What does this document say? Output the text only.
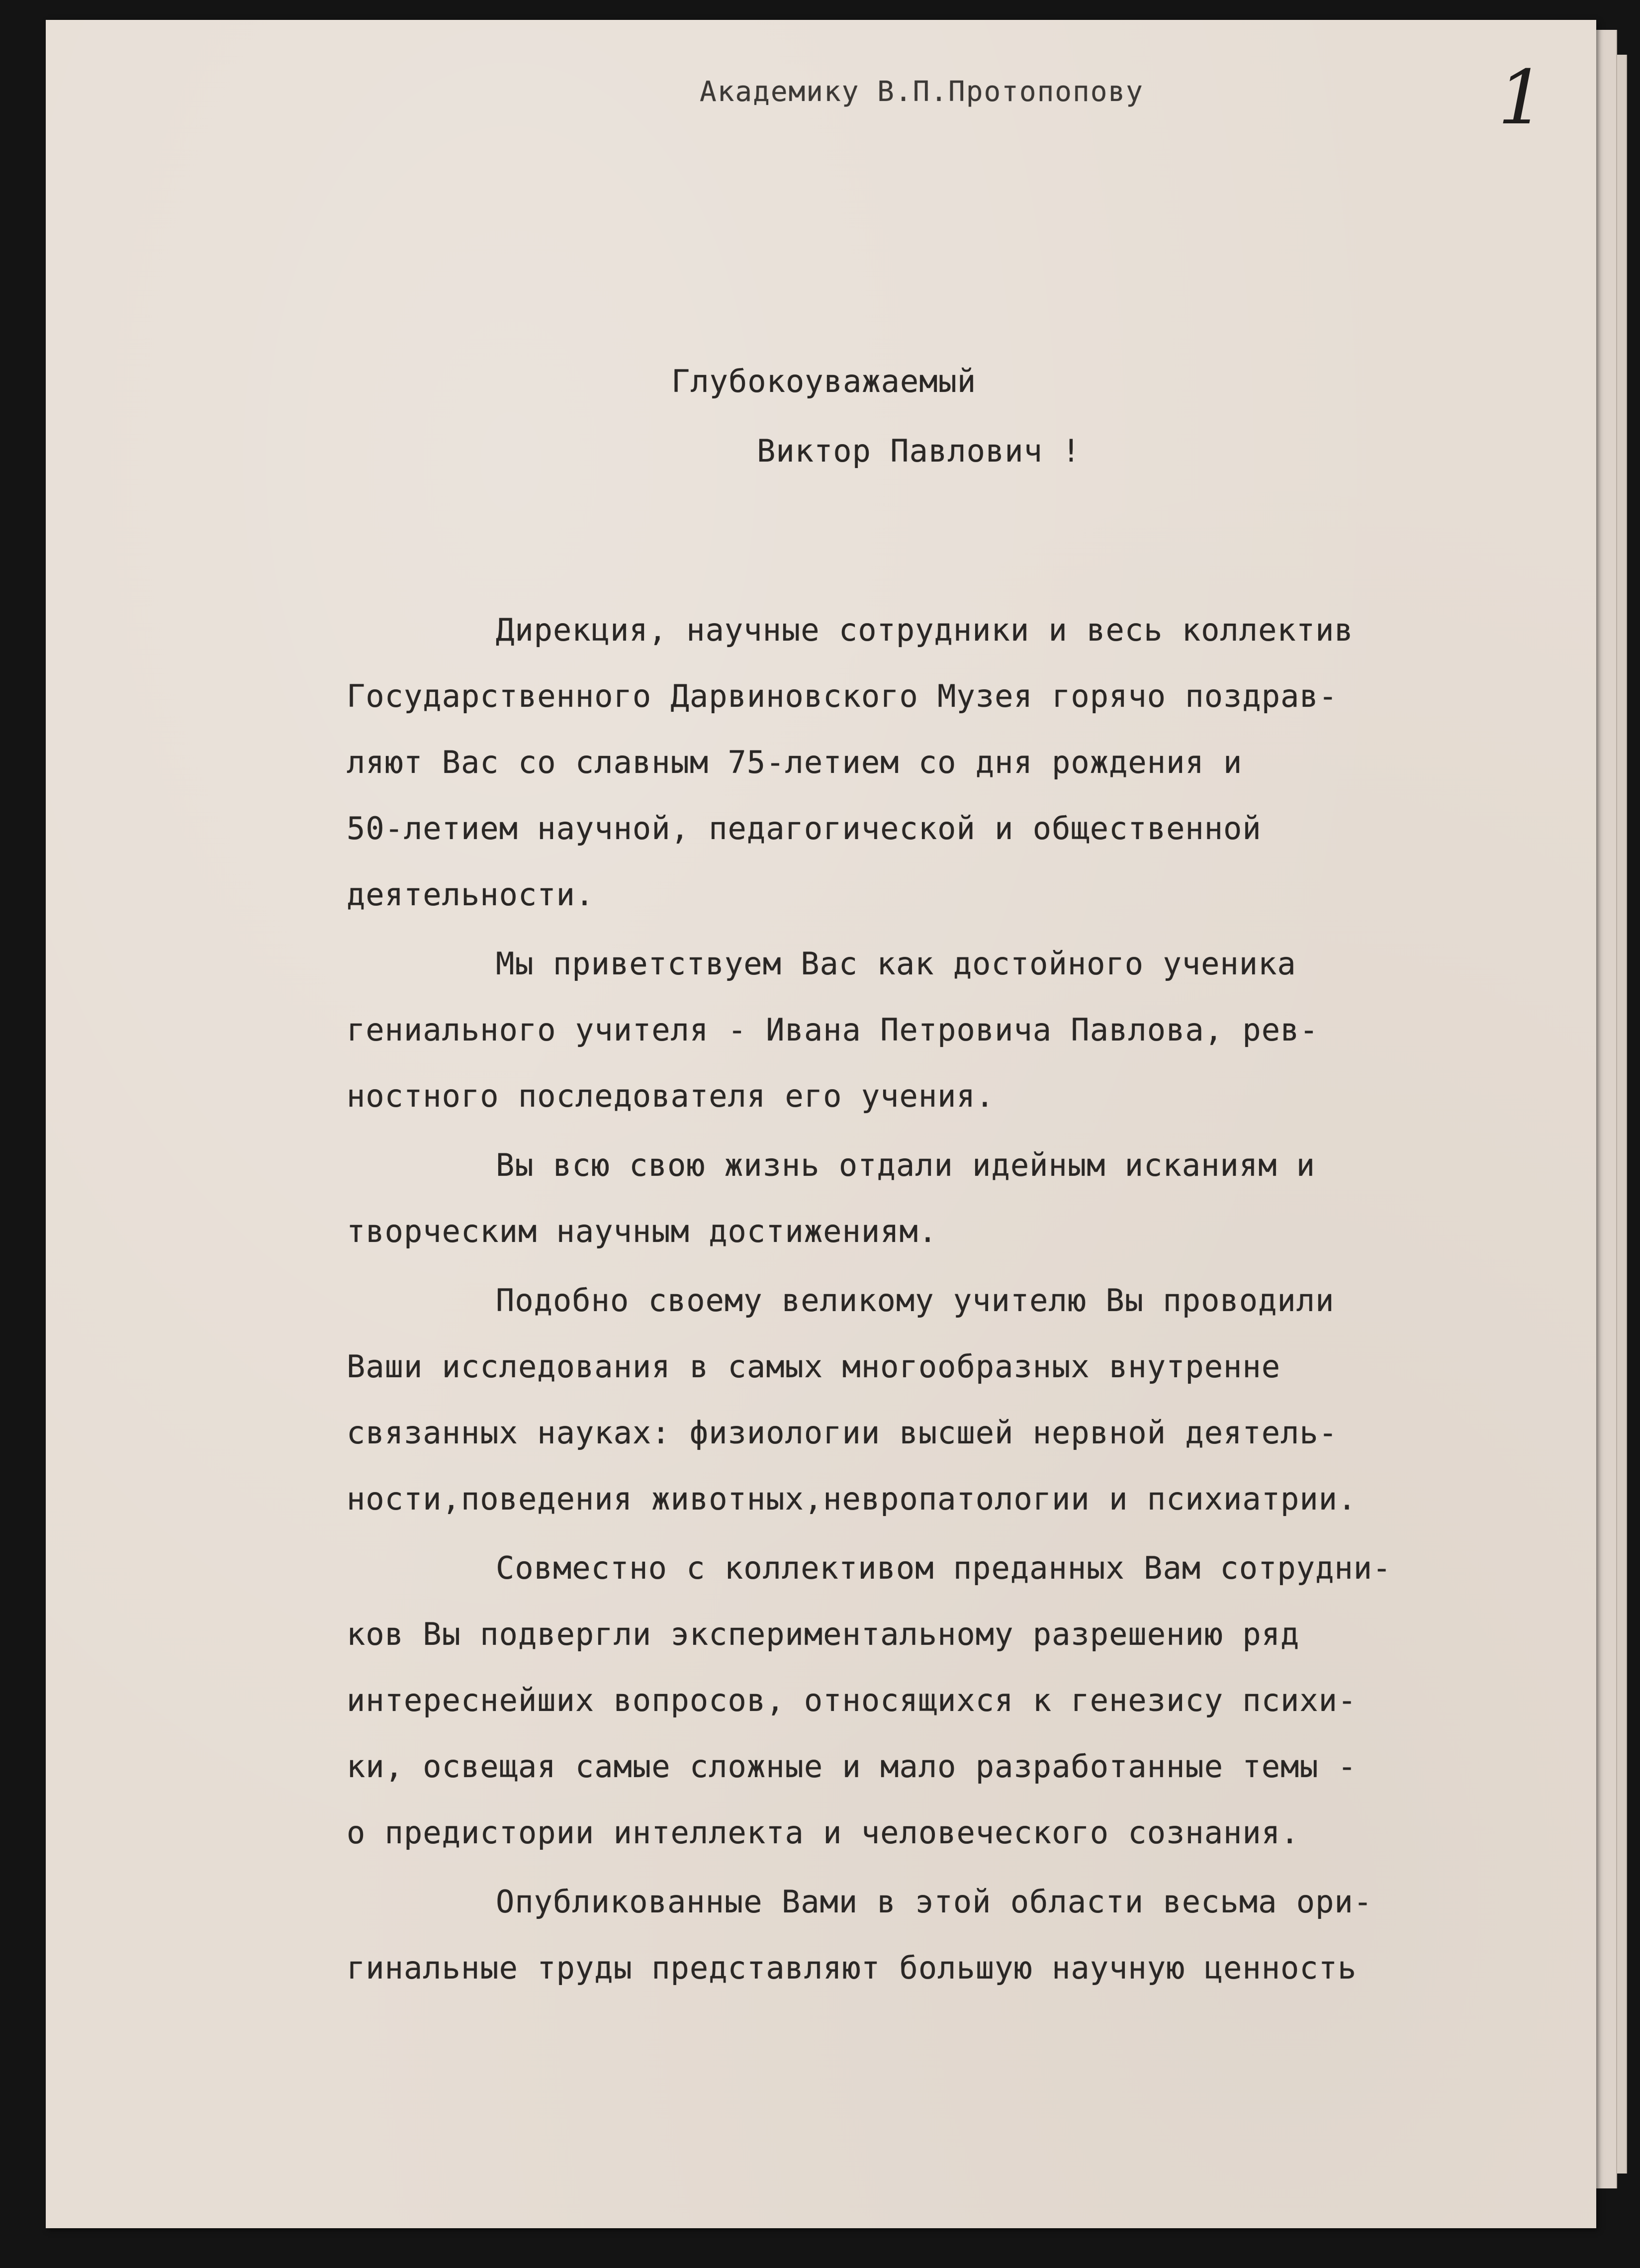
Академику В.П.Протопопову	1

Глубокоуважаемый

Виктор Павлович !

Дирекция, научные сотрудники и весь коллектив
Государственного Дарвиновского Музея горячо поздрав-
ляют Вас со славным 75-летием со дня рождения и
50-летием научной, педагогической и общественной
деятельности.
Мы приветствуем Вас как достойного ученика
гениального учителя - Ивана Петровича Павлова, рев-
ностного последователя его учения.
Вы всю свою жизнь отдали идейным исканиям и
творческим научным достижениям.
Подобно своему великому учителю Вы проводили
Ваши исследования в самых многообразных внутренне
связанных науках: физиологии высшей нервной деятель-
ности,поведения животных,невропатологии и психиатрии.
Совместно с коллективом преданных Вам сотрудни-
ков Вы подвергли экспериментальному разрешению ряд
интереснейших вопросов, относящихся к генезису психи-
ки, освещая самые сложные и мало разработанные темы -
о предистории интеллекта и человеческого сознания.
Опубликованные Вами в этой области весьма ори-
гинальные труды представляют большую научную ценность
